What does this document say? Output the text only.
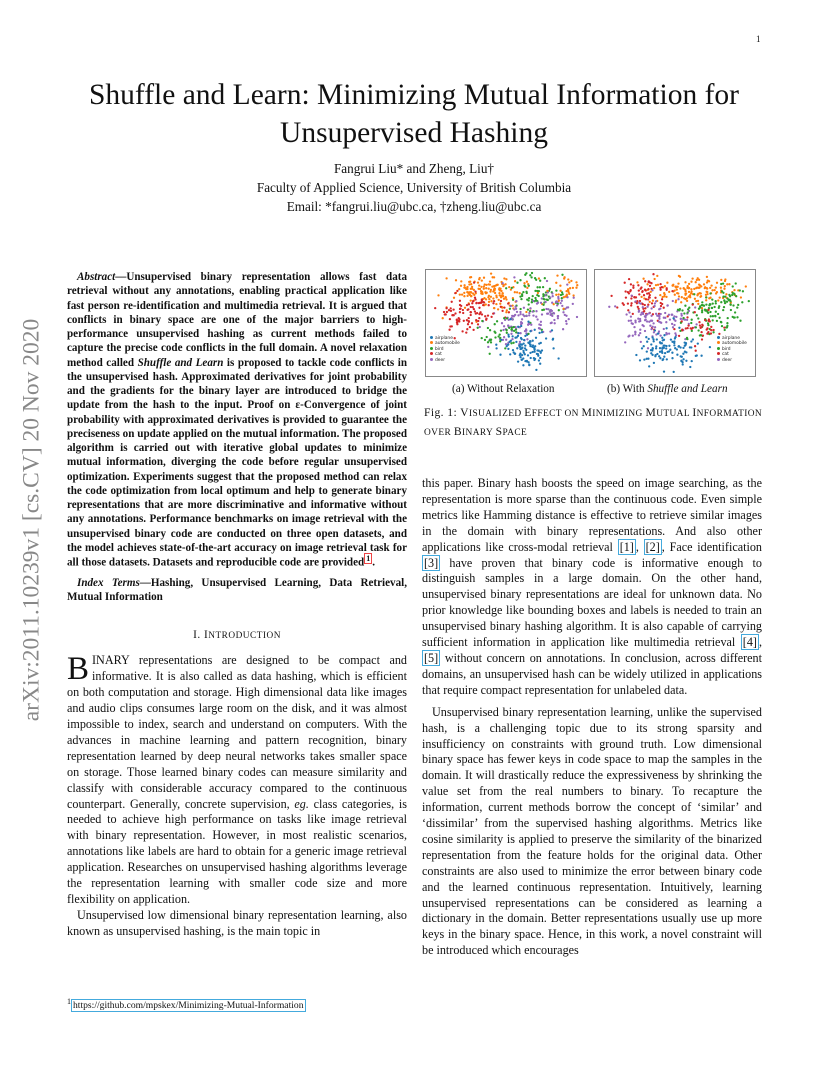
1
Shuffle and Learn: Minimizing Mutual Information for Unsupervised Hashing
Fangrui Liu* and Zheng, Liu†
Faculty of Applied Science, University of British Columbia
Email: *fangrui.liu@ubc.ca, †zheng.liu@ubc.ca
arXiv:2011.10239v1 [cs.CV] 20 Nov 2020
Abstract—Unsupervised binary representation allows fast data retrieval without any annotations, enabling practical application like fast person re-identification and multimedia retrieval. It is argued that conflicts in binary space are one of the major barriers to high-performance unsupervised hashing as current methods failed to capture the precise code conflicts in the full domain. A novel relaxation method called Shuffle and Learn is proposed to tackle code conflicts in the unsupervised hash. Approximated derivatives for joint probability and the gradients for the binary layer are introduced to bridge the update from the hash to the input. Proof on ε-Convergence of joint probability with approximated derivatives is provided to guarantee the preciseness on update applied on the mutual information. The proposed algorithm is carried out with iterative global updates to minimize mutual information, diverging the code before regular unsupervised optimization. Experiments suggest that the proposed method can relax the code optimization from local optimum and help to generate binary representations that are more discriminative and informative without any annotations. Performance benchmarks on image retrieval with the unsupervised binary code are conducted on three open datasets, and the model achieves state-of-the-art accuracy on image retrieval task for all those datasets. Datasets and reproducible code are provided $^1$ .
Index Terms—Hashing, Unsupervised Learning, Data Retrieval, Mutual Information
I. INTRODUCTION

BINARY representations are designed to be compact and informative. It is also called as data hashing, which is efficient on both computation and storage. High dimensional data like images and audio clips consumes large room on the disk, and it was almost impossible to index, search and understand on computers. With the advances in machine learning and pattern recognition, binary representation learned by deep neural networks takes smaller space on storage. Those learned binary codes can measure similarity and classify with considerable accuracy compared to the continuous counterpart. Generally, concrete supervision, eg. class categories, is needed to achieve high performance on tasks like image retrieval with binary representation. However, in most realistic scenarios, annotations like labels are hard to obtain for a generic image retrieval application. Researches on unsupervised hashing algorithms leverage the representation learning with smaller code size and more flexibility on application.

Unsupervised low dimensional binary representation learning, also known as unsupervised hashing, is the main topic in

$^1$ https://github.com/mpskex/Minimizing-Mutual-Information
airplane
automobile
bird
cat
deer
airplane
automobile
bird
cat
deer
(a) Without Relaxation	(b) With Shuffle and Learn
Fig. 1: VISUALIZED EFFECT ON MINIMIZING MUTUAL INFORMATION OVER BINARY SPACE

this paper. Binary hash boosts the speed on image searching, as the representation is more sparse than the continuous code. Even simple metrics like Hamming distance is effective to retrieve similar images in the domain with binary representations. And also other applications like cross-modal retrieval [1] , [2] , Face identification [3] have proven that binary code is informative enough to distinguish samples in a large domain. On the other hand, unsupervised binary representations are ideal for unknown data. No prior knowledge like bounding boxes and labels is needed to train an unsupervised binary hashing algorithm. It is also capable of carrying sufficient information in application like multimedia retrieval [4] , [5] without concern on annotations. In conclusion, across different domains, an unsupervised hash can be widely utilized in applications that require compact representation for unlabeled data.

Unsupervised binary representation learning, unlike the supervised hash, is a challenging topic due to its strong sparsity and insufficiency on constraints with ground truth. Low dimensional binary space has fewer keys in code space to map the samples in the domain. It will drastically reduce the expressiveness by shrinking the value set from the real numbers to binary. To recapture the information, current methods borrow the concept of ‘similar’ and ‘dissimilar’ from the supervised hashing algorithms. Metrics like cosine similarity is applied to preserve the similarity of the binarized representation from the feature holds for the original data. Other constraints are also used to minimize the error between binary code and the learned continuous representation. Intuitively, learning unsupervised representations can be considered as learning a dictionary in the domain. Better representations usually use up more keys in the binary space. Hence, in this work, a novel constraint will be introduced which encourages
